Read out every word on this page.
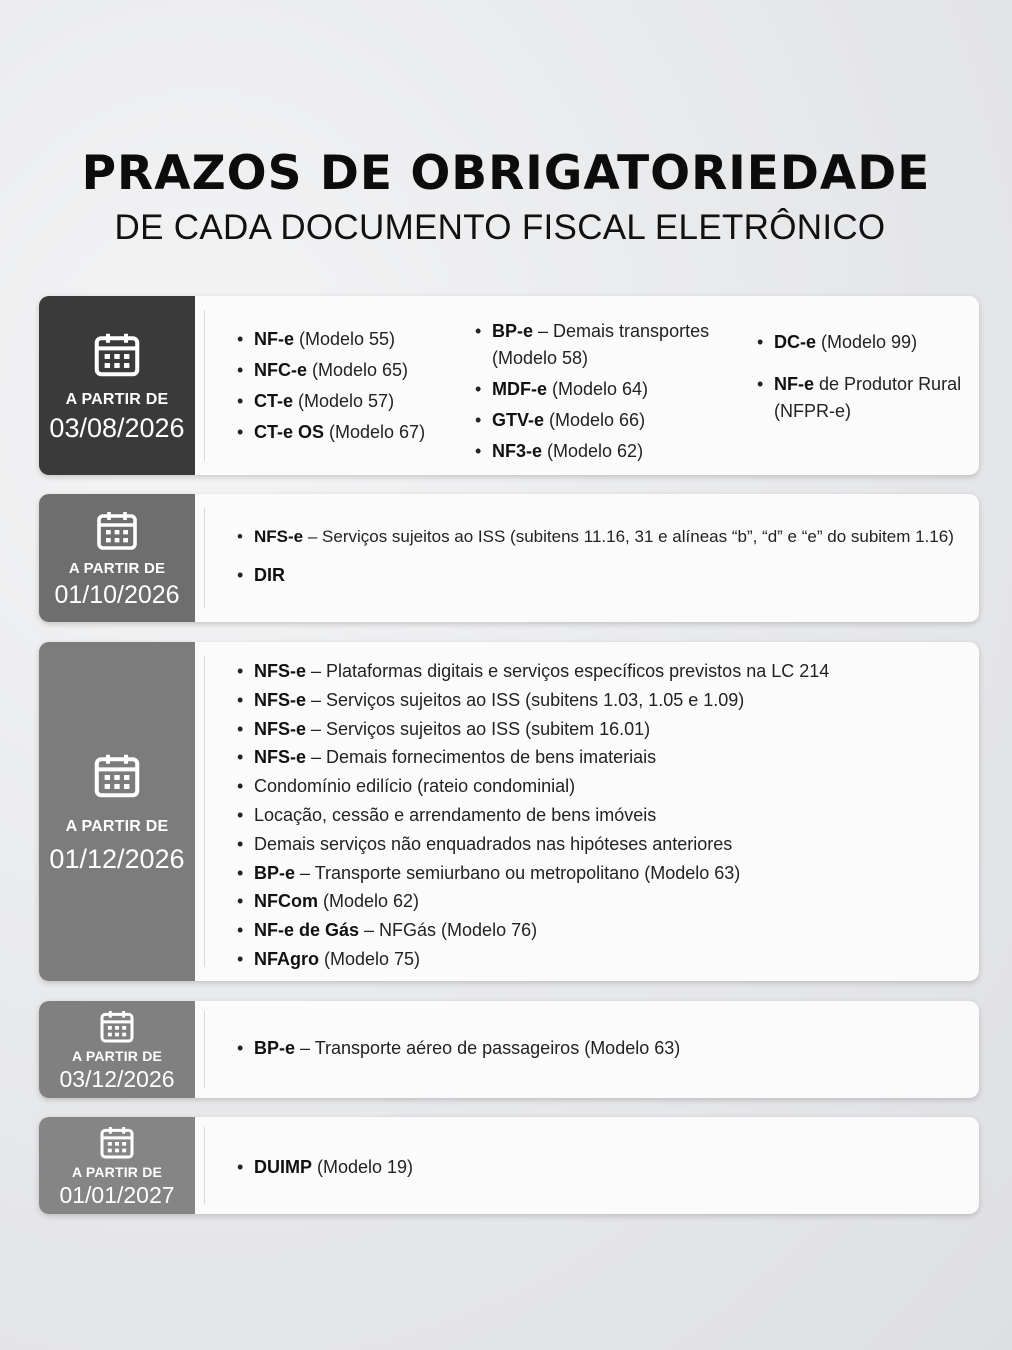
PRAZOS DE OBRIGATORIEDADE
DE CADA DOCUMENTO FISCAL ELETRÔNICO
A PARTIR DE
03/08/2026
• NF-e (Modelo 55)
• NFC-e (Modelo 65)
• CT-e (Modelo 57)
• CT-e OS (Modelo 67)
• BP-e – Demais transportes (Modelo 58)
• MDF-e (Modelo 64)
• GTV-e (Modelo 66)
• NF3-e (Modelo 62)
• DC-e (Modelo 99)
• NF-e de Produtor Rural (NFPR-e)
A PARTIR DE
01/10/2026
• NFS-e – Serviços sujeitos ao ISS (subitens 11.16, 31 e alíneas “b”, “d” e “e” do subitem 1.16)
• DIR
A PARTIR DE
01/12/2026
• NFS-e – Plataformas digitais e serviços específicos previstos na LC 214
• NFS-e – Serviços sujeitos ao ISS (subitens 1.03, 1.05 e 1.09)
• NFS-e – Serviços sujeitos ao ISS (subitem 16.01)
• NFS-e – Demais fornecimentos de bens imateriais
• Condomínio edilício (rateio condominial)
• Locação, cessão e arrendamento de bens imóveis
• Demais serviços não enquadrados nas hipóteses anteriores
• BP-e – Transporte semiurbano ou metropolitano (Modelo 63)
• NFCom (Modelo 62)
• NF-e de Gás – NFGás (Modelo 76)
• NFAgro (Modelo 75)
A PARTIR DE
03/12/2026
• BP-e – Transporte aéreo de passageiros (Modelo 63)
A PARTIR DE
01/01/2027
• DUIMP (Modelo 19)
